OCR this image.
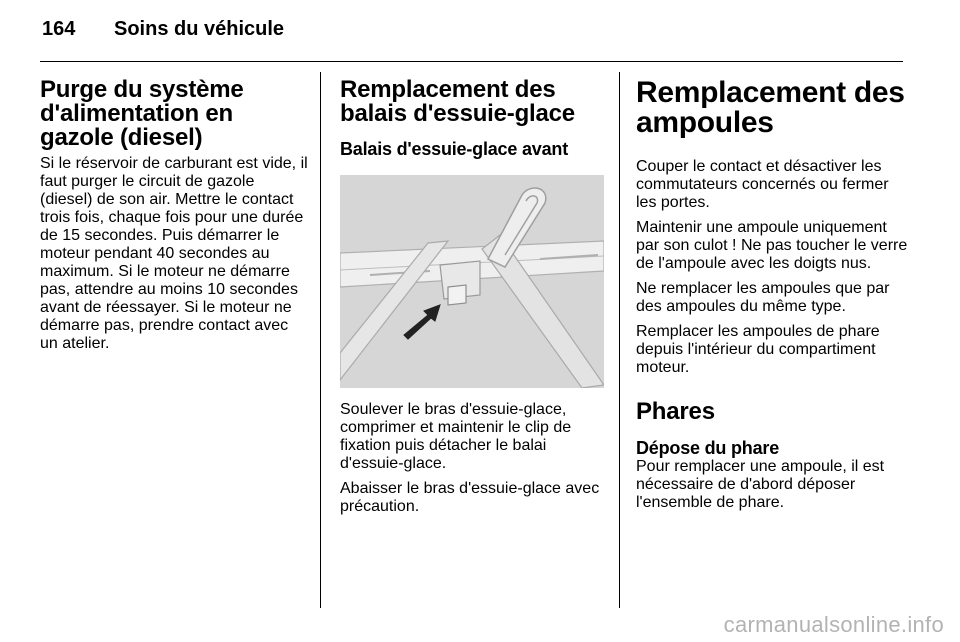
164 Soins du véhicule
Purge du système d'alimentation en gazole (diesel)

Si le réservoir de carburant est vide, il faut purger le circuit de gazole (diesel) de son air. Mettre le contact trois fois, chaque fois pour une durée de 15 secondes. Puis démarrer le moteur pendant 40 secondes au maximum. Si le moteur ne démarre pas, attendre au moins 10 secondes avant de réessayer. Si le moteur ne démarre pas, prendre contact avec un atelier.

Remplacement des balais d'essuie-glace
Balais d'essuie-glace avant

Soulever le bras d'essuie-glace, comprimer et maintenir le clip de fixation puis détacher le balai d'essuie-glace.

Abaisser le bras d'essuie-glace avec précaution.

Remplacement des ampoules

Couper le contact et désactiver les commutateurs concernés ou fermer les portes.

Maintenir une ampoule uniquement par son culot ! Ne pas toucher le verre de l'ampoule avec les doigts nus.

Ne remplacer les ampoules que par des ampoules du même type.

Remplacer les ampoules de phare depuis l'intérieur du compartiment moteur.

Phares
Dépose du phare

Pour remplacer une ampoule, il est nécessaire de d'abord déposer l'ensemble de phare.

carmanualsonline.info
